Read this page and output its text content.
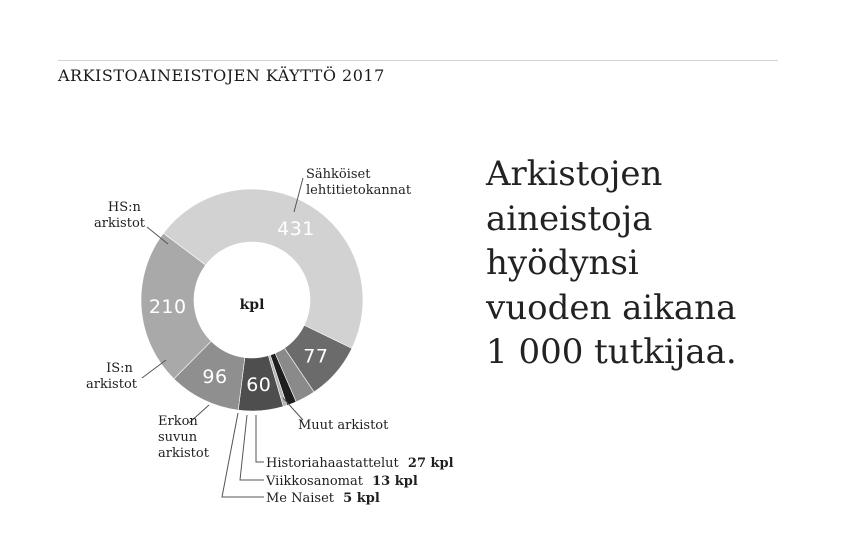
ARKISTOAINEISTOJEN KÄYTTÖ 2017
431
77
60
96
210	kpl
Sähköiset lehtitietokannat
HS:n arkistot
IS:n arkistot
Erkon suvun arkistot
Muut arkistot
Historiahaastattelut 27 kpl
Viikkosanomat 13 kpl
Me Naiset 5 kpl
Arkistojen
aineistoja
hyödynsi
vuoden aikana
1 000 tutkijaa.
